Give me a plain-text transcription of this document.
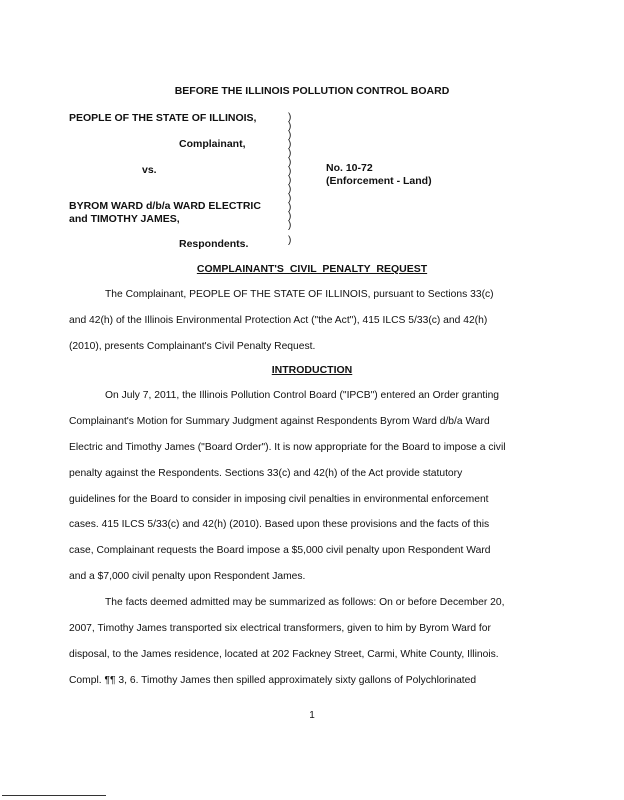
BEFORE THE ILLINOIS POLLUTION CONTROL BOARD
PEOPLE OF THE STATE OF ILLINOIS,
Complainant,
vs.
BYROM WARD d/b/a WARD ELECTRIC
and TIMOTHY JAMES,
Respondents.
)
)
)
)
)
)
)
)
)
)
)
)
)
)
No. 10-72
(Enforcement - Land)
COMPLAINANT'S CIVIL PENALTY REQUEST
The Complainant, PEOPLE OF THE STATE OF ILLINOIS, pursuant to Sections 33(c)
and 42(h) of the Illinois Environmental Protection Act ("the Act"), 415 ILCS 5/33(c) and 42(h)
(2010), presents Complainant's Civil Penalty Request.
INTRODUCTION
On July 7, 2011, the Illinois Pollution Control Board ("IPCB") entered an Order granting
Complainant's Motion for Summary Judgment against Respondents Byrom Ward d/b/a Ward
Electric and Timothy James ("Board Order"). It is now appropriate for the Board to impose a civil
penalty against the Respondents. Sections 33(c) and 42(h) of the Act provide statutory
guidelines for the Board to consider in imposing civil penalties in environmental enforcement
cases. 415 ILCS 5/33(c) and 42(h) (2010). Based upon these provisions and the facts of this
case, Complainant requests the Board impose a $5,000 civil penalty upon Respondent Ward
and a $7,000 civil penalty upon Respondent James.
The facts deemed admitted may be summarized as follows: On or before December 20,
2007, Timothy James transported six electrical transformers, given to him by Byrom Ward for
disposal, to the James residence, located at 202 Fackney Street, Carmi, White County, Illinois.
Compl. ¶¶ 3, 6. Timothy James then spilled approximately sixty gallons of Polychlorinated
1
